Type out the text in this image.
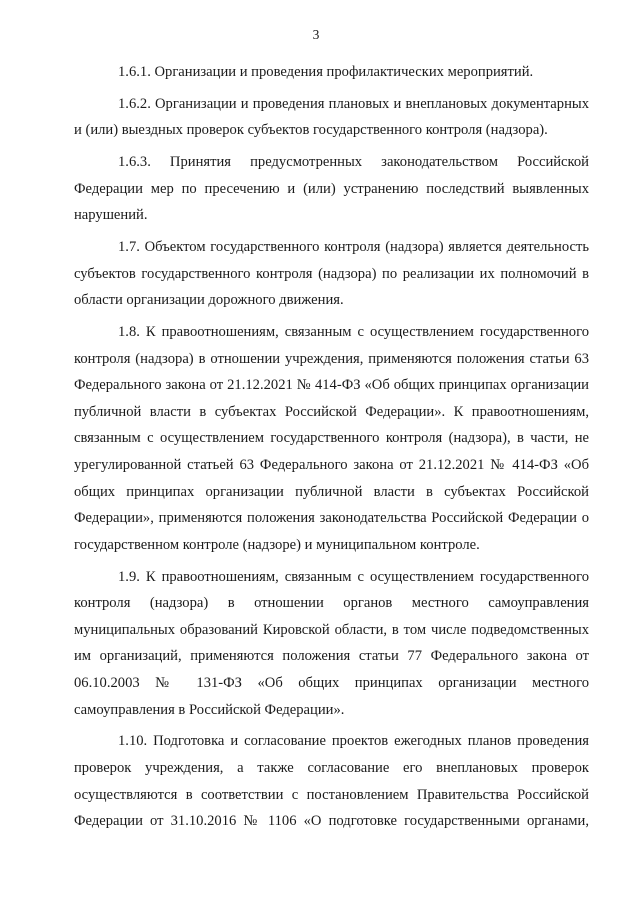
3

1.6.1. Организации и проведения профилактических мероприятий.

1.6.2. Организации и проведения плановых и внеплановых документарных и (или) выездных проверок субъектов государственного контроля (надзора).

1.6.3. Принятия предусмотренных законодательством Российской Федерации мер по пресечению и (или) устранению последствий выявленных нарушений.

1.7. Объектом государственного контроля (надзора) является деятельность субъектов государственного контроля (надзора) по реализации их полномочий в области организации дорожного движения.

1.8. К правоотношениям, связанным с осуществлением государственного контроля (надзора) в отношении учреждения, применяются положения статьи 63 Федерального закона от 21.12.2021 № 414-ФЗ «Об общих принципах организации публичной власти в субъектах Российской Федерации». К правоотношениям, связанным с осуществлением государственного контроля (надзора), в части, не урегулированной статьей 63 Федерального закона от 21.12.2021 № 414-ФЗ «Об общих принципах организации публичной власти в субъектах Российской Федерации», применяются положения законодательства Российской Федерации о государственном контроле (надзоре) и муниципальном контроле.

1.9. К правоотношениям, связанным с осуществлением государственного контроля (надзора) в отношении органов местного самоуправления муниципальных образований Кировской области, в том числе подведомственных им организаций, применяются положения статьи 77 Федерального закона от 06.10.2003 № 131-ФЗ «Об общих принципах организации местного самоуправления в Российской Федерации».

1.10. Подготовка и согласование проектов ежегодных планов проведения проверок учреждения, а также согласование его внеплановых проверок осуществляются в соответствии с постановлением Правительства Российской Федерации от 31.10.2016 № 1106 «О подготовке государственными органами,
